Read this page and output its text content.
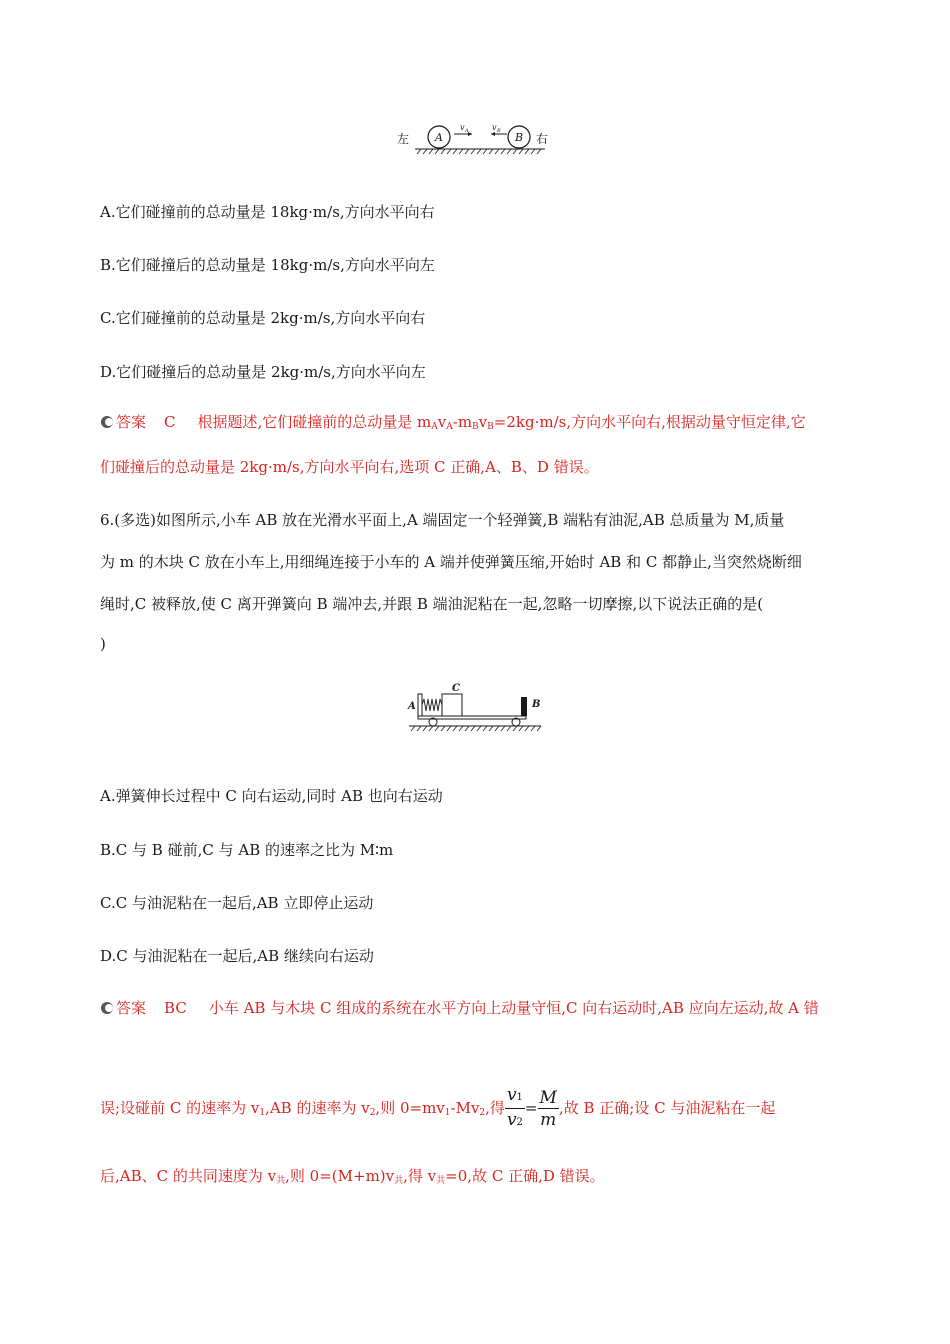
左 A
v A	v B B 右
A.它们碰撞前的总动量是 18kg·m/s,方向水平向右
B.它们碰撞后的总动量是 18kg·m/s,方向水平向左
C.它们碰撞前的总动量是 2kg·m/s,方向水平向右
D.它们碰撞后的总动量是 2kg·m/s,方向水平向左
答案 C 根据题述,它们碰撞前的总动量是 $m_Av_A-m_Bv_B=2kg\cdot m/s$,方向水平向右,根据动量守恒定律,它
们碰撞后的总动量是 2kg·m/s,方向水平向右,选项 C 正确,A、B、D 错误。
6.(多选)如图所示,小车 AB 放在光滑水平面上,A 端固定一个轻弹簧,B 端粘有油泥,AB 总质量为 M,质量
为 m 的木块 C 放在小车上,用细绳连接于小车的 A 端并使弹簧压缩,开始时 AB 和 C 都静止,当突然烧断细
绳时,C 被释放,使 C 离开弹簧向 B 端冲去,并跟 B 端油泥粘在一起,忽略一切摩擦,以下说法正确的是(
)
A
C
B
A.弹簧伸长过程中 C 向右运动,同时 AB 也向右运动
B.C 与 B 碰前,C 与 AB 的速率之比为 M∶m
C.C 与油泥粘在一起后,AB 立即停止运动
D.C 与油泥粘在一起后,AB 继续向右运动
答案 BC 小车 AB 与木块 C 组成的系统在水平方向上动量守恒,C 向右运动时,AB 应向左运动,故 A 错
误;设碰前 C 的速率为 $v_1,AB$ 的速率为 $v_2$,则 $0=mv_1-Mv_2$,得 $\frac{v1}{v2} = \frac{M}{m}$ ,故 B 正确;设 C 与油泥粘在一起
后,AB、C 的共同速度为 $v_共$,则 $0=(M+m)v_共$,得 $v_共=0$,故 C 正确,D 错误。
